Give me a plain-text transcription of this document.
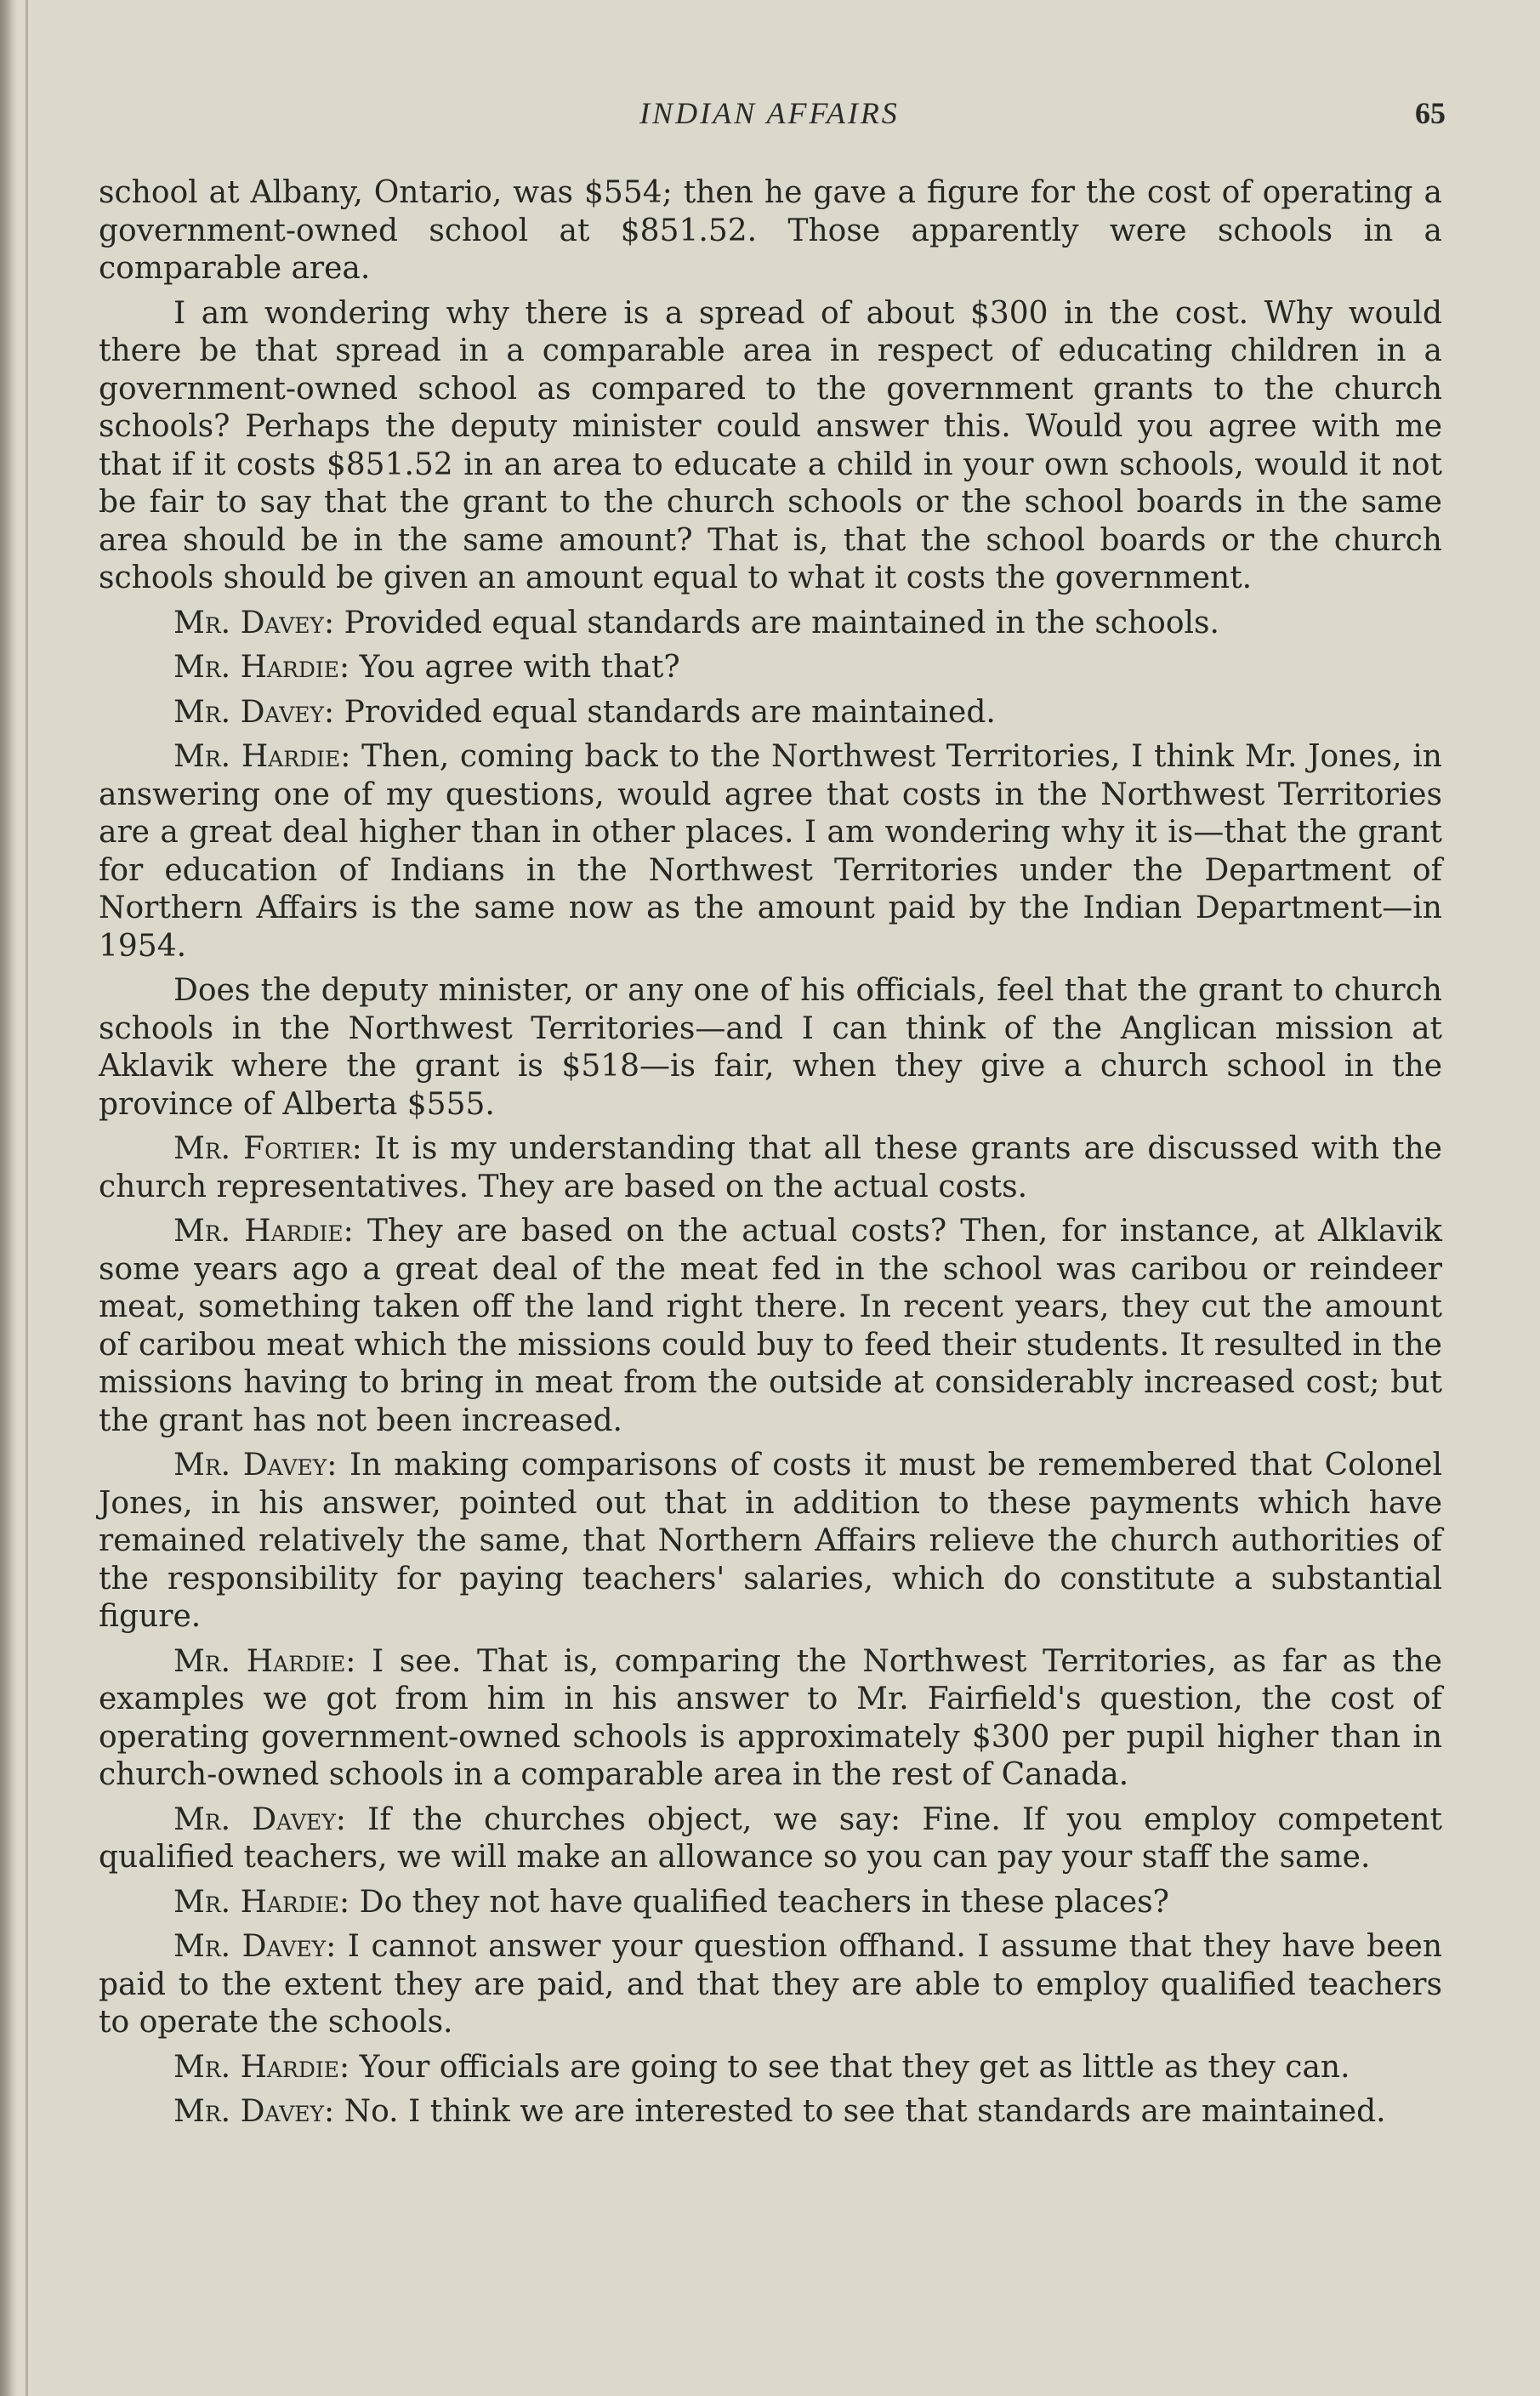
INDIAN AFFAIRS	65

school at Albany, Ontario, was $554; then he gave a figure for the cost of operating a government-owned school at $851.52. Those apparently were schools in a comparable area.

I am wondering why there is a spread of about $300 in the cost. Why would there be that spread in a comparable area in respect of educating children in a government-owned school as compared to the government grants to the church schools? Perhaps the deputy minister could answer this. Would you agree with me that if it costs $851.52 in an area to educate a child in your own schools, would it not be fair to say that the grant to the church schools or the school boards in the same area should be in the same amount? That is, that the school boards or the church schools should be given an amount equal to what it costs the government.

Mr. Davey: Provided equal standards are maintained in the schools.

Mr. Hardie: You agree with that?

Mr. Davey: Provided equal standards are maintained.

Mr. Hardie: Then, coming back to the Northwest Territories, I think Mr. Jones, in answering one of my questions, would agree that costs in the Northwest Territories are a great deal higher than in other places. I am wondering why it is—that the grant for education of Indians in the Northwest Territories under the Department of Northern Affairs is the same now as the amount paid by the Indian Department—in 1954.

Does the deputy minister, or any one of his officials, feel that the grant to church schools in the Northwest Territories—and I can think of the Anglican mission at Aklavik where the grant is $518—is fair, when they give a church school in the province of Alberta $555.

Mr. Fortier: It is my understanding that all these grants are discussed with the church representatives. They are based on the actual costs.

Mr. Hardie: They are based on the actual costs? Then, for instance, at Alklavik some years ago a great deal of the meat fed in the school was caribou or reindeer meat, something taken off the land right there. In recent years, they cut the amount of caribou meat which the missions could buy to feed their students. It resulted in the missions having to bring in meat from the outside at considerably increased cost; but the grant has not been increased.

Mr. Davey: In making comparisons of costs it must be remembered that Colonel Jones, in his answer, pointed out that in addition to these payments which have remained relatively the same, that Northern Affairs relieve the church authorities of the responsibility for paying teachers' salaries, which do constitute a substantial figure.

Mr. Hardie: I see. That is, comparing the Northwest Territories, as far as the examples we got from him in his answer to Mr. Fairfield's question, the cost of operating government-owned schools is approximately $300 per pupil higher than in church-owned schools in a comparable area in the rest of Canada.

Mr. Davey: If the churches object, we say: Fine. If you employ competent qualified teachers, we will make an allowance so you can pay your staff the same.

Mr. Hardie: Do they not have qualified teachers in these places?

Mr. Davey: I cannot answer your question offhand. I assume that they have been paid to the extent they are paid, and that they are able to employ qualified teachers to operate the schools.

Mr. Hardie: Your officials are going to see that they get as little as they can.

Mr. Davey: No. I think we are interested to see that standards are maintained.
